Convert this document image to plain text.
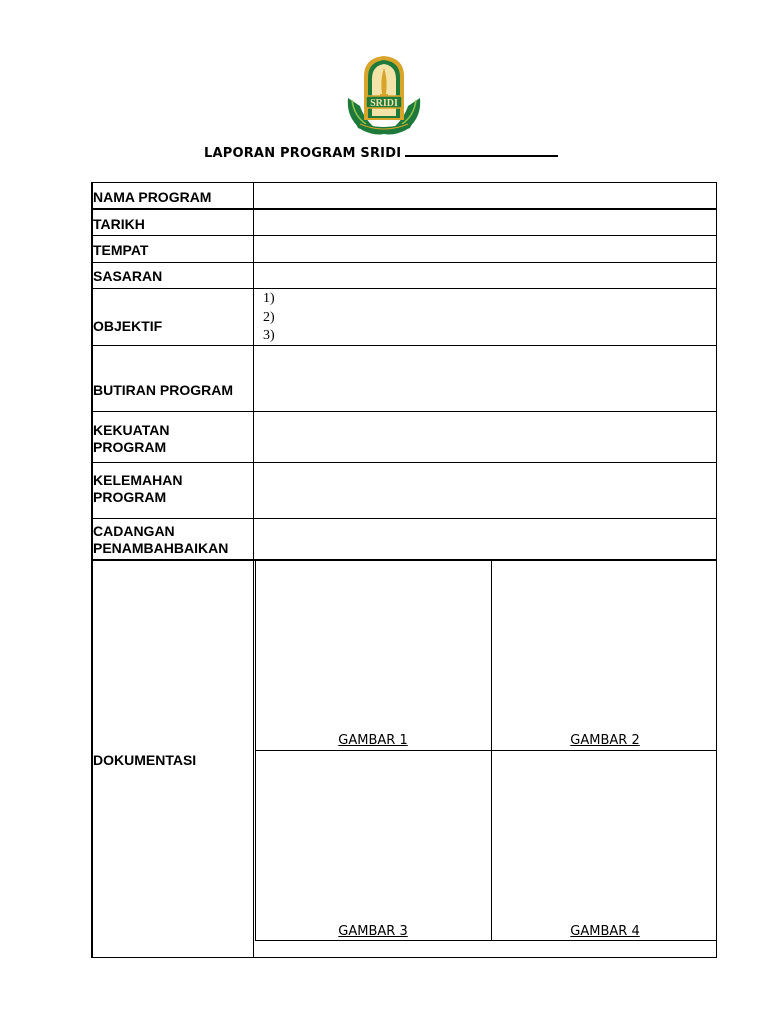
SRIDI
LAPORAN PROGRAM SRIDI
NAMA PROGRAM
TARIKH
TEMPAT
SASARAN
OBJEKTIF
BUTIRAN PROGRAM
KEKUATAN
PROGRAM
KELEMAHAN
PROGRAM
CADANGAN
PENAMBAHBAIKAN
DOKUMENTASI
1)
2)
3)
GAMBAR 1	GAMBAR 2
GAMBAR 3	GAMBAR 4
